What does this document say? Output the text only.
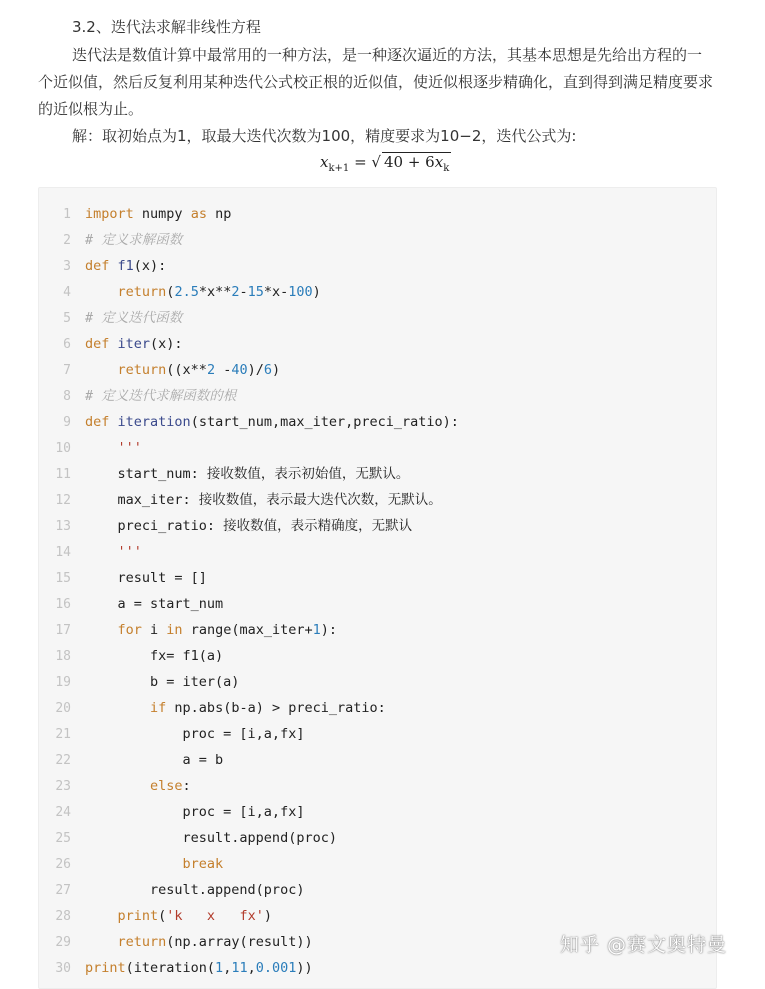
3.2、迭代法求解非线性方程
迭代法是数值计算中最常用的一种方法，是一种逐次逼近的方法，其基本思想是先给出方程的一
个近似值，然后反复利用某种迭代公式校正根的近似值，使近似根逐步精确化，直到得到满足精度要求
的近似根为止。
解：取初始点为1，取最大迭代次数为100，精度要求为10−2，迭代公式为:
$x_{k+1}$ = √ $40 + 6x_k$
1 import numpy as np
2 # 定义求解函数
3 def f1(x):
4	return(2.5*x**2-15*x-100)
5 # 定义迭代函数
6 def iter(x):
7	return((x**2 -40)/6)
8 # 定义迭代求解函数的根
9 def iteration(start_num,max_iter,preci_ratio):
10	'''
11    start_num: 接收数值，表示初始值，无默认。
12    max_iter: 接收数值，表示最大迭代次数，无默认。
13    preci_ratio: 接收数值，表示精确度，无默认
14	'''
15    result = []
16    a = start_num
17	for i in range(max_iter+1):
18        fx= f1(a)
19        b = iter(a)
20	if np.abs(b-a) > preci_ratio:
21            proc = [i,a,fx]
22            a = b
23	else:
24            proc = [i,a,fx]
25            result.append(proc)
26	break
27        result.append(proc)
28	print('k   x   fx')
29	return(np.array(result))
30 print(iteration(1,11,0.001))
知乎 @赛文奥特曼
